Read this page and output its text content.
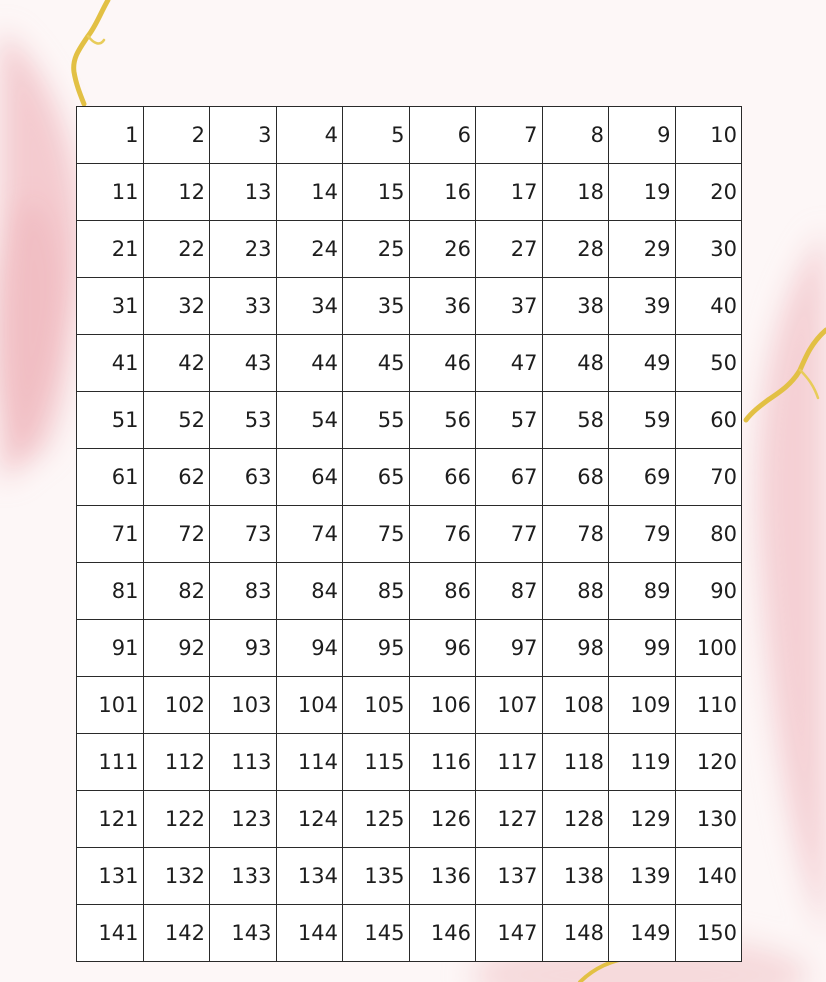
1	2	3	4	5	6	7	8	9	10
11	12	13	14	15	16	17	18	19	20
21	22	23	24	25	26	27	28	29	30
31	32	33	34	35	36	37	38	39	40
41	42	43	44	45	46	47	48	49	50
51	52	53	54	55	56	57	58	59	60
61	62	63	64	65	66	67	68	69	70
71	72	73	74	75	76	77	78	79	80
81	82	83	84	85	86	87	88	89	90
91	92	93	94	95	96	97	98	99	100
101	102	103	104	105	106	107	108	109	110
111	112	113	114	115	116	117	118	119	120
121	122	123	124	125	126	127	128	129	130
131	132	133	134	135	136	137	138	139	140
141	142	143	144	145	146	147	148	149	150
